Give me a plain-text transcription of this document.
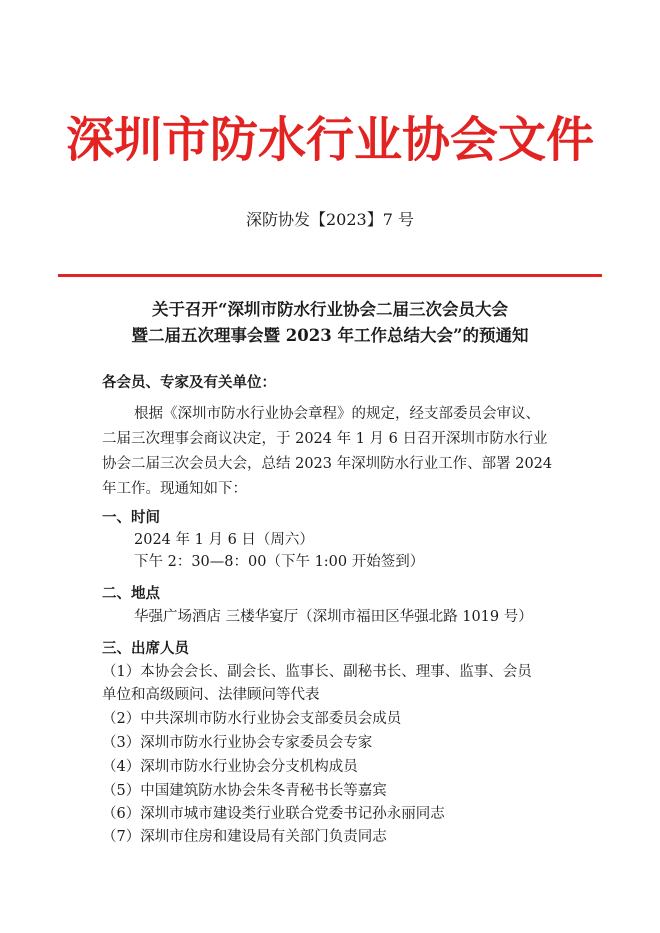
深圳市防水行业协会文件
深防协发【2023】7 号
关于召开“深圳市防水行业协会二届三次会员大会
暨二届五次理事会暨 2023 年工作总结大会”的预通知
各会员、专家及有关单位：
根据《深圳市防水行业协会章程》的规定，经支部委员会审议、
二届三次理事会商议决定，于 2024 年 1 月 6 日召开深圳市防水行业
协会二届三次会员大会，总结 2023 年深圳防水行业工作、部署 2024
年工作。现通知如下：
一、时间
2024 年 1 月 6 日（周六）
下午 2：30—8：00（下午 1:00 开始签到）
二、地点
华强广场酒店 三楼华宴厅（深圳市福田区华强北路 1019 号）
三、出席人员
（1）本协会会长、副会长、监事长、副秘书长、理事、监事、会员
单位和高级顾问、法律顾问等代表
（2）中共深圳市防水行业协会支部委员会成员
（3）深圳市防水行业协会专家委员会专家
（4）深圳市防水行业协会分支机构成员
（5）中国建筑防水协会朱冬青秘书长等嘉宾
（6）深圳市城市建设类行业联合党委书记孙永丽同志
（7）深圳市住房和建设局有关部门负责同志
